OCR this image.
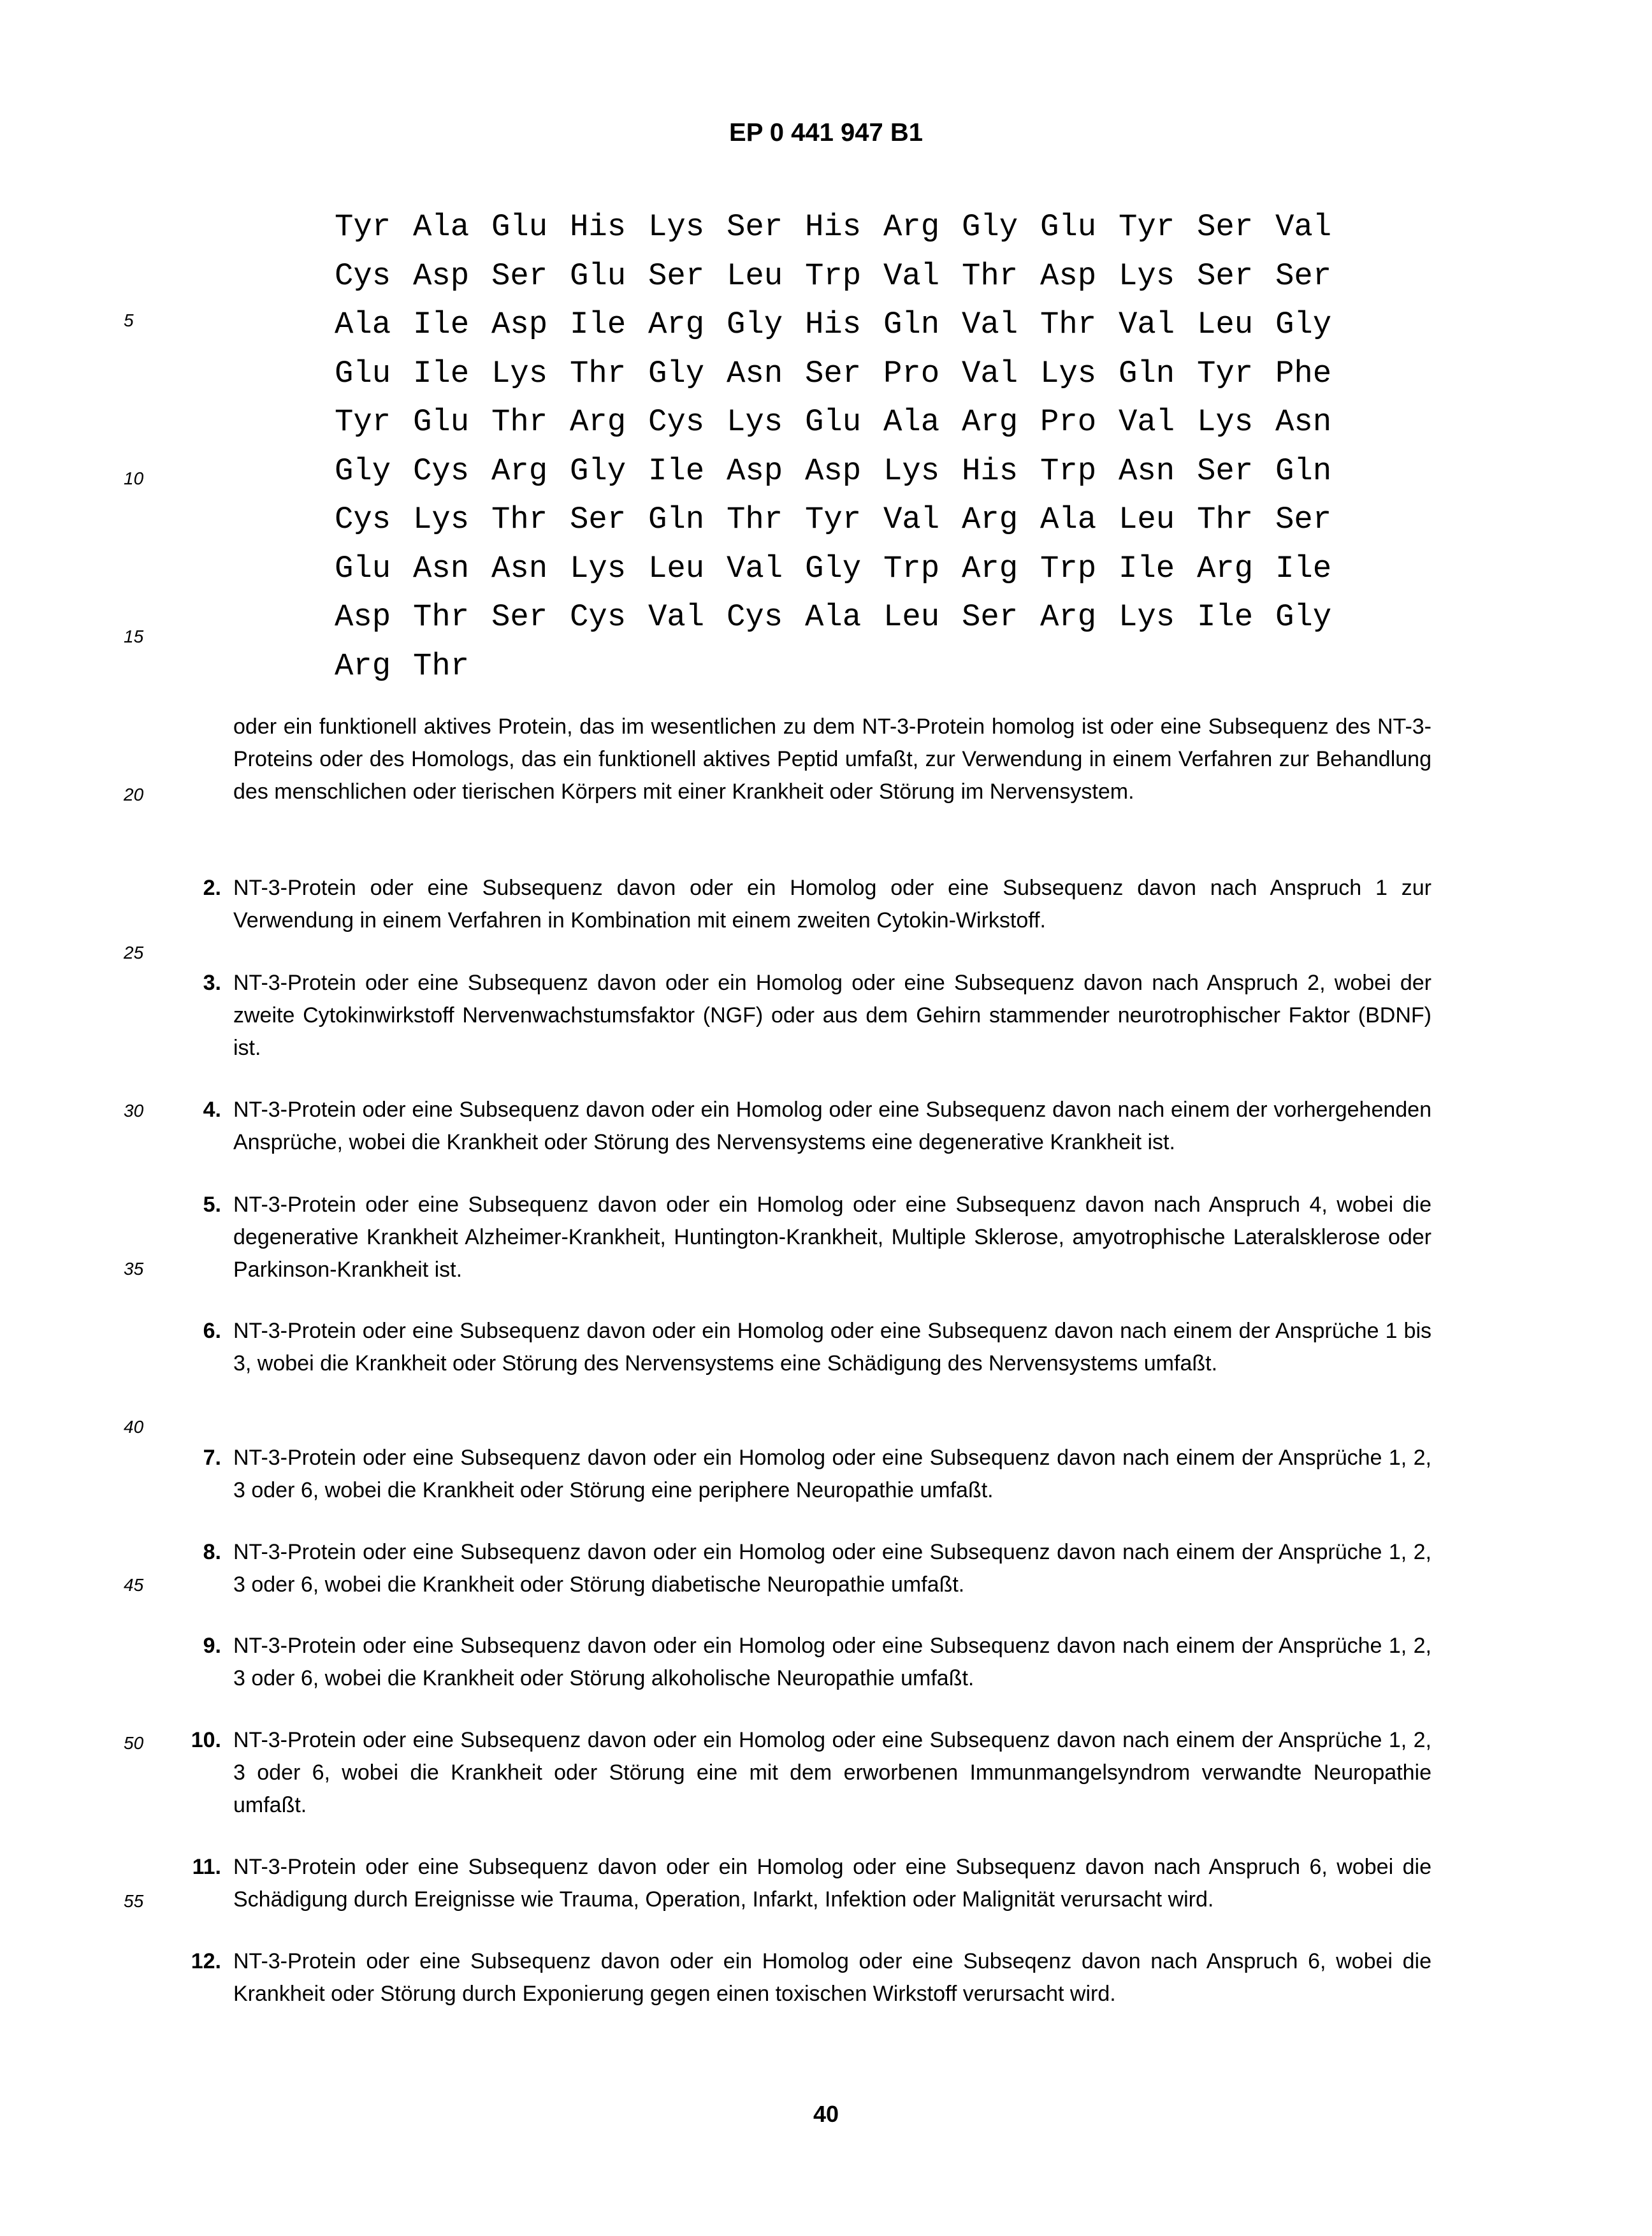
EP 0 441 947 B1
5
10
15
20
25
30
35
40
45
50
55
Tyr Ala Glu His Lys Ser His Arg Gly Glu Tyr Ser Val
Cys Asp Ser Glu Ser Leu Trp Val Thr Asp Lys Ser Ser
Ala Ile Asp Ile Arg Gly His Gln Val Thr Val Leu Gly
Glu Ile Lys Thr Gly Asn Ser Pro Val Lys Gln Tyr Phe
Tyr Glu Thr Arg Cys Lys Glu Ala Arg Pro Val Lys Asn
Gly Cys Arg Gly Ile Asp Asp Lys His Trp Asn Ser Gln
Cys Lys Thr Ser Gln Thr Tyr Val Arg Ala Leu Thr Ser
Glu Asn Asn Lys Leu Val Gly Trp Arg Trp Ile Arg Ile
Asp Thr Ser Cys Val Cys Ala Leu Ser Arg Lys Ile Gly
Arg Thr
oder ein funktionell aktives Protein, das im wesentlichen zu dem NT-3-Protein homolog ist oder eine Subsequenz des NT-3-Proteins oder des Homologs, das ein funktionell aktives Peptid umfaßt, zur Verwendung in einem Verfahren zur Behandlung des menschlichen oder tierischen Körpers mit einer Krankheit oder Störung im Nervensystem.
2. NT-3-Protein oder eine Subsequenz davon oder ein Homolog oder eine Subsequenz davon nach Anspruch 1 zur Verwendung in einem Verfahren in Kombination mit einem zweiten Cytokin-Wirkstoff.
3. NT-3-Protein oder eine Subsequenz davon oder ein Homolog oder eine Subsequenz davon nach Anspruch 2, wobei der zweite Cytokinwirkstoff Nervenwachstumsfaktor (NGF) oder aus dem Gehirn stammender neurotrophischer Faktor (BDNF) ist.
4. NT-3-Protein oder eine Subsequenz davon oder ein Homolog oder eine Subsequenz davon nach einem der vorhergehenden Ansprüche, wobei die Krankheit oder Störung des Nervensystems eine degenerative Krankheit ist.
5. NT-3-Protein oder eine Subsequenz davon oder ein Homolog oder eine Subsequenz davon nach Anspruch 4, wobei die degenerative Krankheit Alzheimer-Krankheit, Huntington-Krankheit, Multiple Sklerose, amyotrophische Lateralsklerose oder Parkinson-Krankheit ist.
6. NT-3-Protein oder eine Subsequenz davon oder ein Homolog oder eine Subsequenz davon nach einem der Ansprüche 1 bis 3, wobei die Krankheit oder Störung des Nervensystems eine Schädigung des Nervensystems umfaßt.
7. NT-3-Protein oder eine Subsequenz davon oder ein Homolog oder eine Subsequenz davon nach einem der Ansprüche 1, 2, 3 oder 6, wobei die Krankheit oder Störung eine periphere Neuropathie umfaßt.
8. NT-3-Protein oder eine Subsequenz davon oder ein Homolog oder eine Subsequenz davon nach einem der Ansprüche 1, 2, 3 oder 6, wobei die Krankheit oder Störung diabetische Neuropathie umfaßt.
9. NT-3-Protein oder eine Subsequenz davon oder ein Homolog oder eine Subsequenz davon nach einem der Ansprüche 1, 2, 3 oder 6, wobei die Krankheit oder Störung alkoholische Neuropathie umfaßt.
10. NT-3-Protein oder eine Subsequenz davon oder ein Homolog oder eine Subsequenz davon nach einem der Ansprüche 1, 2, 3 oder 6, wobei die Krankheit oder Störung eine mit dem erworbenen Immunmangelsyndrom verwandte Neuropathie umfaßt.
11. NT-3-Protein oder eine Subsequenz davon oder ein Homolog oder eine Subsequenz davon nach Anspruch 6, wobei die Schädigung durch Ereignisse wie Trauma, Operation, Infarkt, Infektion oder Malignität verursacht wird.
12. NT-3-Protein oder eine Subsequenz davon oder ein Homolog oder eine Subseqenz davon nach Anspruch 6, wobei die Krankheit oder Störung durch Exponierung gegen einen toxischen Wirkstoff verursacht wird.
40
